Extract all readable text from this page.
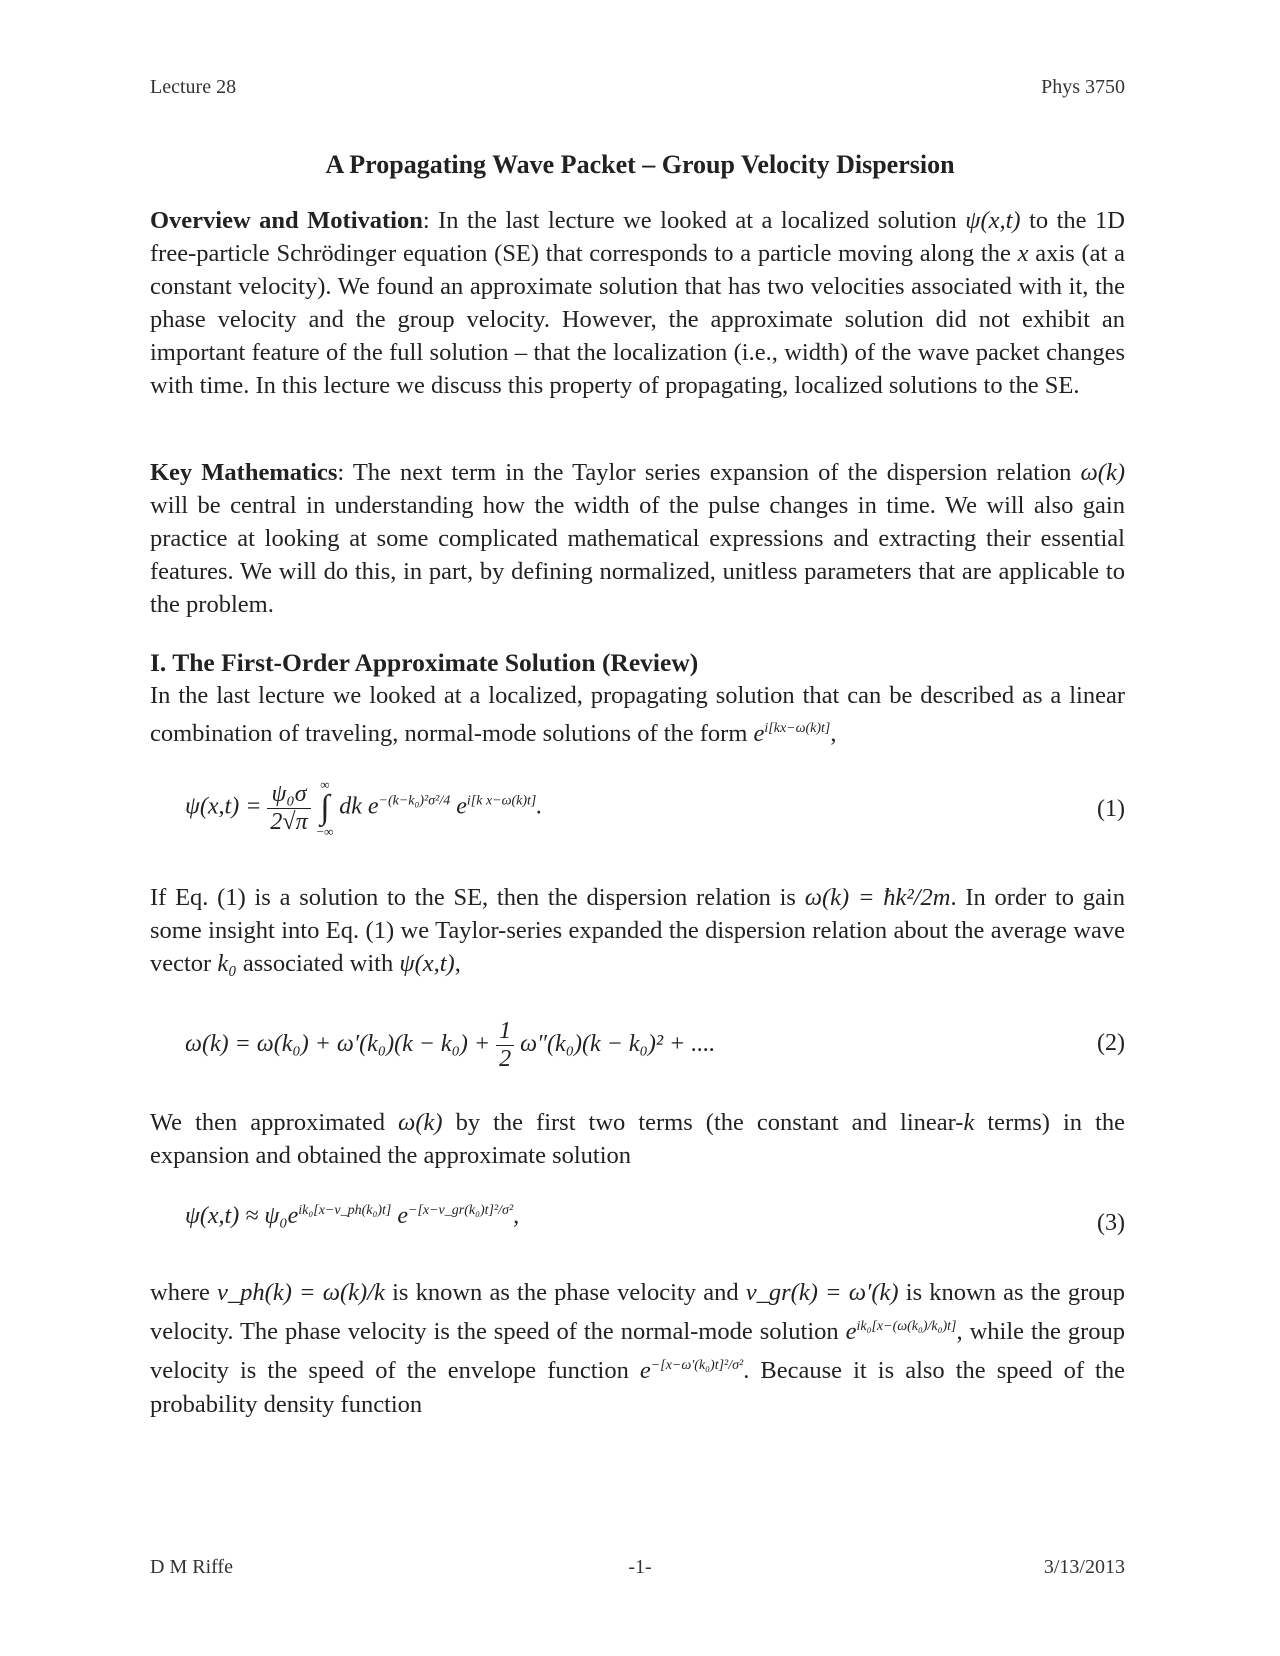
Lecture 28	Phys 3750
A Propagating Wave Packet – Group Velocity Dispersion
Overview and Motivation: In the last lecture we looked at a localized solution ψ(x,t) to the 1D free-particle Schrödinger equation (SE) that corresponds to a particle moving along the x axis (at a constant velocity). We found an approximate solution that has two velocities associated with it, the phase velocity and the group velocity. However, the approximate solution did not exhibit an important feature of the full solution – that the localization (i.e., width) of the wave packet changes with time. In this lecture we discuss this property of propagating, localized solutions to the SE.
Key Mathematics: The next term in the Taylor series expansion of the dispersion relation ω(k) will be central in understanding how the width of the pulse changes in time. We will also gain practice at looking at some complicated mathematical expressions and extracting their essential features. We will do this, in part, by defining normalized, unitless parameters that are applicable to the problem.
I. The First-Order Approximate Solution (Review)
In the last lecture we looked at a localized, propagating solution that can be described as a linear combination of traveling, normal-mode solutions of the form $e^{i[kx-\omega(k)t]}$,
$\psi(x,t) = \frac{\text{ψ₀σ}}{2√\pi}$
∞
∫
−∞
dk $e^{-(k-k_0)^2\sigma^2/4}$ $e^{i[k x-\omega(k)t]}$.	(1)
If Eq. (1) is a solution to the SE, then the dispersion relation is ω(k) = ħk²/2m. In order to gain some insight into Eq. (1) we Taylor-series expanded the dispersion relation about the average wave vector k₀ associated with ψ(x,t),
$\omega(k) = \omega(k_0) + \omega'(k_0)(k - k_0) + \frac{1}{2} \omega''(k_0)(k - k_0)^2$ + ....	(2)
We then approximated ω(k) by the first two terms (the constant and linear-k terms) in the expansion and obtained the approximate solution
$\psi(x,t) \approx \psi_0e^{ik_0[x-v\_ph(k_0)t]}$ $e^{-[x-v\_gr(k_0)t]^2/\sigma^2}$,	(3)
where v_ph(k) = ω(k)/k is known as the phase velocity and v_gr(k) = ω′(k) is known as the group velocity. The phase velocity is the speed of the normal-mode solution $e^{ik_0[x-(\omega(k_0)/k_0)t]}$, while the group velocity is the speed of the envelope function $e^{-[x-\omega'(k_0)t]^2/\sigma^2}$. Because it is also the speed of the probability density function
D M Riffe	-1-	3/13/2013
